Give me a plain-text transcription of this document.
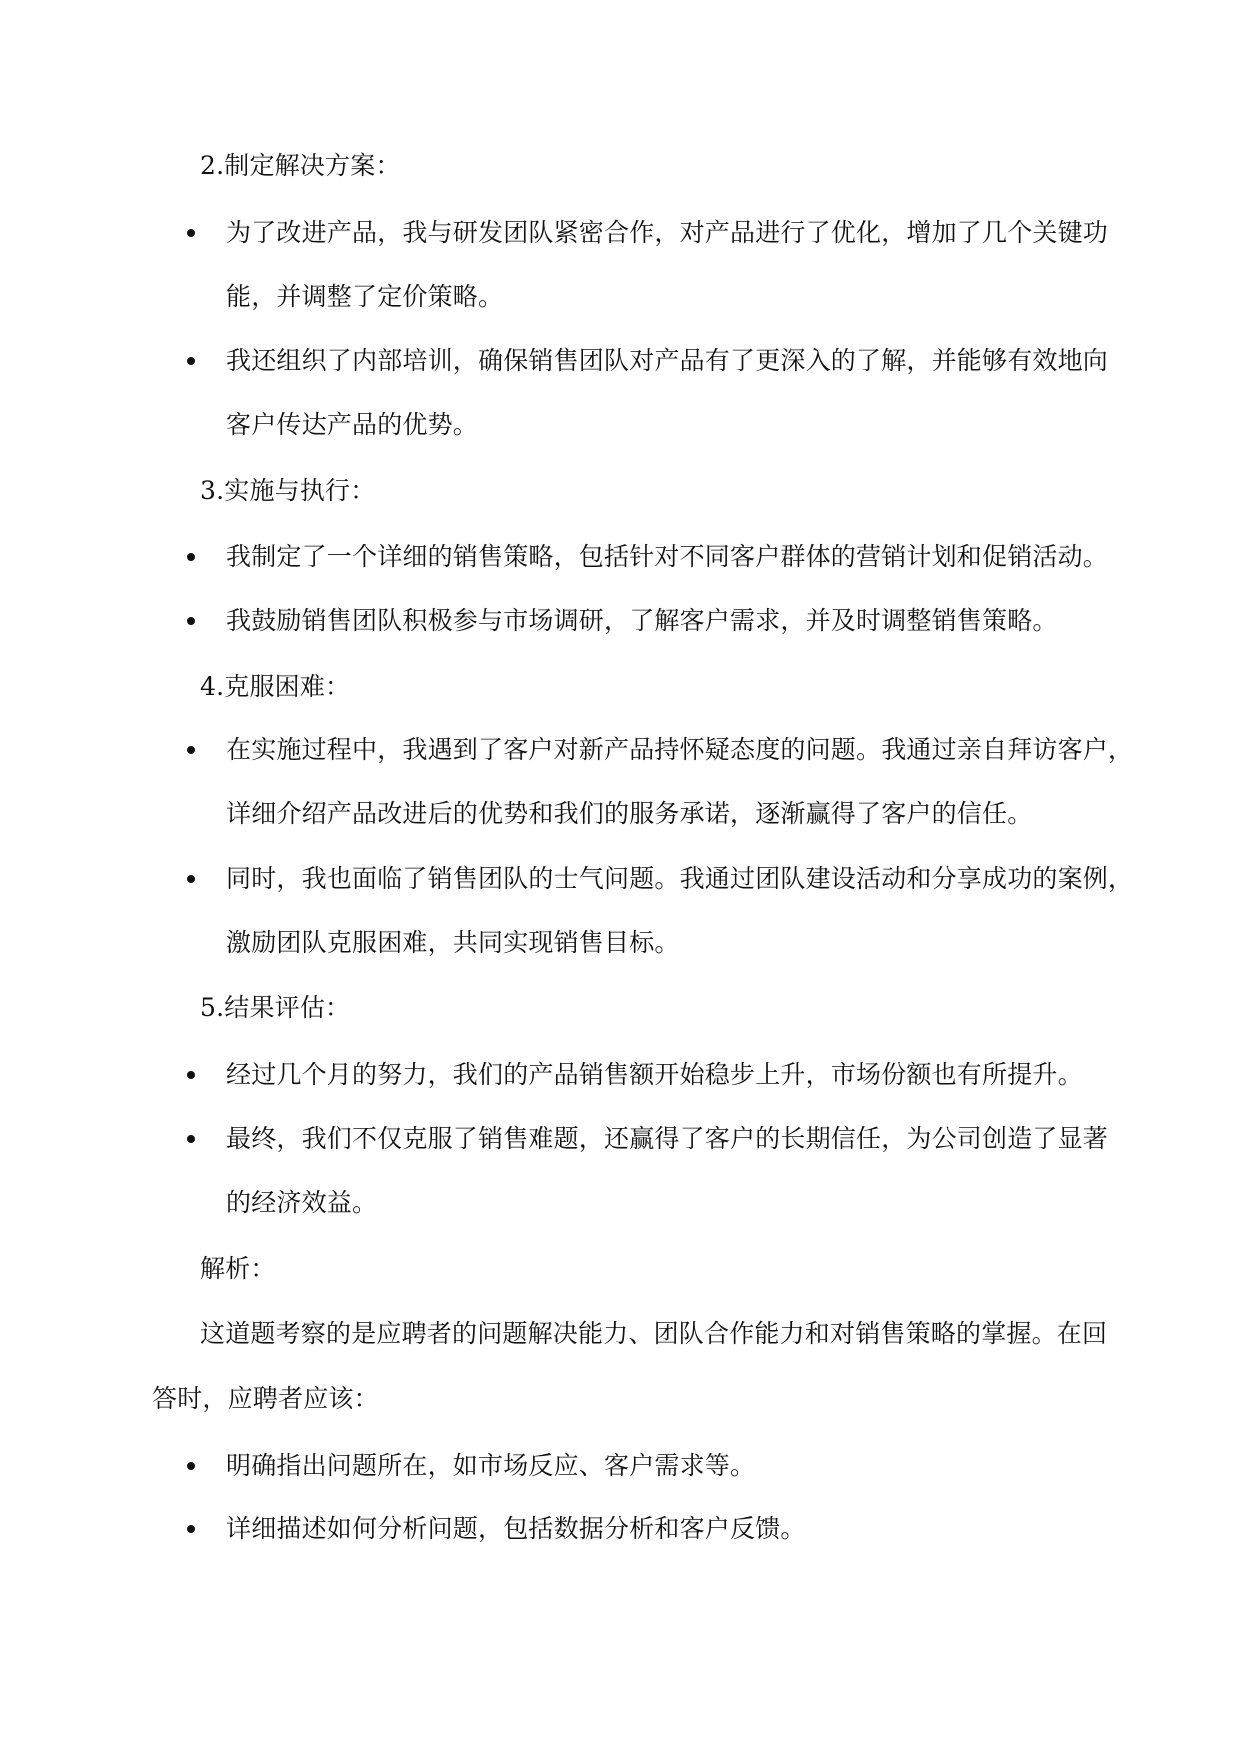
2.制定解决方案：
为了改进产品，我与研发团队紧密合作，对产品进行了优化，增加了几个关键功
能，并调整了定价策略。
我还组织了内部培训，确保销售团队对产品有了更深入的了解，并能够有效地向
客户传达产品的优势。
3.实施与执行：
我制定了一个详细的销售策略，包括针对不同客户群体的营销计划和促销活动。
我鼓励销售团队积极参与市场调研，了解客户需求，并及时调整销售策略。
4.克服困难：
在实施过程中，我遇到了客户对新产品持怀疑态度的问题。我通过亲自拜访客户，
详细介绍产品改进后的优势和我们的服务承诺，逐渐赢得了客户的信任。
同时，我也面临了销售团队的士气问题。我通过团队建设活动和分享成功的案例，
激励团队克服困难，共同实现销售目标。
5.结果评估：
经过几个月的努力，我们的产品销售额开始稳步上升，市场份额也有所提升。
最终，我们不仅克服了销售难题，还赢得了客户的长期信任，为公司创造了显著
的经济效益。
解析：
这道题考察的是应聘者的问题解决能力、团队合作能力和对销售策略的掌握。在回
答时，应聘者应该：
明确指出问题所在，如市场反应、客户需求等。
详细描述如何分析问题，包括数据分析和客户反馈。
